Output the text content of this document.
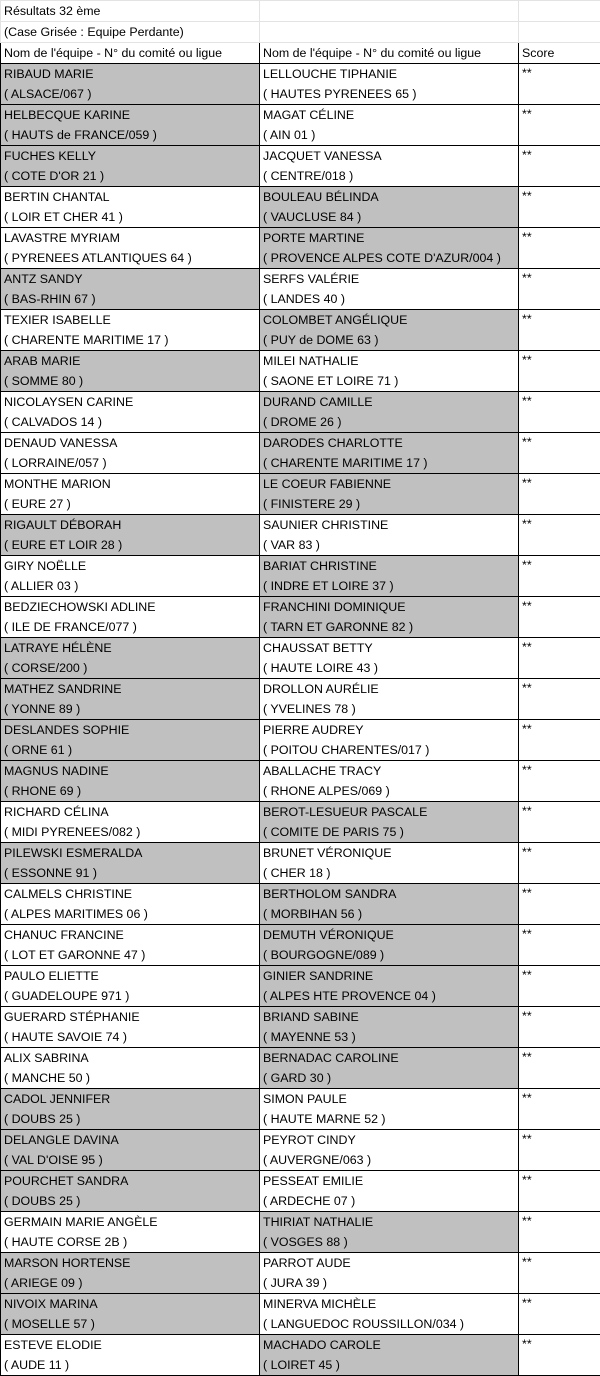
Résultats 32 ème		
(Case Grisée : Equipe Perdante)		
Nom de l'équipe - N° du comité ou ligue	Nom de l'équipe - N° du comité ou ligue	Score
RIBAUD MARIE	LELLOUCHE TIPHANIE	**
( ALSACE/067 )	( HAUTES PYRENEES 65 )	
HELBECQUE KARINE	MAGAT CÉLINE	**
( HAUTS de FRANCE/059 )	( AIN 01 )	
FUCHES KELLY	JACQUET VANESSA	**
( COTE D'OR 21 )	( CENTRE/018 )	
BERTIN CHANTAL	BOULEAU BÉLINDA	**
( LOIR ET CHER 41 )	( VAUCLUSE 84 )	
LAVASTRE MYRIAM	PORTE MARTINE	**
( PYRENEES ATLANTIQUES 64 )	( PROVENCE ALPES COTE D'AZUR/004 )	
ANTZ SANDY	SERFS VALÉRIE	**
( BAS-RHIN 67 )	( LANDES 40 )	
TEXIER ISABELLE	COLOMBET ANGÉLIQUE	**
( CHARENTE MARITIME 17 )	( PUY de DOME 63 )	
ARAB MARIE	MILEI NATHALIE	**
( SOMME 80 )	( SAONE ET LOIRE 71 )	
NICOLAYSEN CARINE	DURAND CAMILLE	**
( CALVADOS 14 )	( DROME 26 )	
DENAUD VANESSA	DARODES CHARLOTTE	**
( LORRAINE/057 )	( CHARENTE MARITIME 17 )	
MONTHE MARION	LE COEUR FABIENNE	**
( EURE 27 )	( FINISTERE 29 )	
RIGAULT DÉBORAH	SAUNIER CHRISTINE	**
( EURE ET LOIR 28 )	( VAR 83 )	
GIRY NOËLLE	BARIAT CHRISTINE	**
( ALLIER 03 )	( INDRE ET LOIRE 37 )	
BEDZIECHOWSKI ADLINE	FRANCHINI DOMINIQUE	**
( ILE DE FRANCE/077 )	( TARN ET GARONNE 82 )	
LATRAYE HÉLÈNE	CHAUSSAT BETTY	**
( CORSE/200 )	( HAUTE LOIRE 43 )	
MATHEZ SANDRINE	DROLLON AURÉLIE	**
( YONNE 89 )	( YVELINES 78 )	
DESLANDES SOPHIE	PIERRE AUDREY	**
( ORNE 61 )	( POITOU CHARENTES/017 )	
MAGNUS NADINE	ABALLACHE TRACY	**
( RHONE 69 )	( RHONE ALPES/069 )	
RICHARD CÉLINA	BEROT-LESUEUR PASCALE	**
( MIDI PYRENEES/082 )	( COMITE DE PARIS 75 )	
PILEWSKI ESMERALDA	BRUNET VÉRONIQUE	**
( ESSONNE 91 )	( CHER 18 )	
CALMELS CHRISTINE	BERTHOLOM SANDRA	**
( ALPES MARITIMES 06 )	( MORBIHAN 56 )	
CHANUC FRANCINE	DEMUTH VÉRONIQUE	**
( LOT ET GARONNE 47 )	( BOURGOGNE/089 )	
PAULO ELIETTE	GINIER SANDRINE	**
( GUADELOUPE 971 )	( ALPES HTE PROVENCE 04 )	
GUERARD STÉPHANIE	BRIAND SABINE	**
( HAUTE SAVOIE 74 )	( MAYENNE 53 )	
ALIX SABRINA	BERNADAC CAROLINE	**
( MANCHE 50 )	( GARD 30 )	
CADOL JENNIFER	SIMON PAULE	**
( DOUBS 25 )	( HAUTE MARNE 52 )	
DELANGLE DAVINA	PEYROT CINDY	**
( VAL D'OISE 95 )	( AUVERGNE/063 )	
POURCHET SANDRA	PESSEAT EMILIE	**
( DOUBS 25 )	( ARDECHE 07 )	
GERMAIN MARIE ANGÈLE	THIRIAT NATHALIE	**
( HAUTE CORSE 2B )	( VOSGES 88 )	
MARSON HORTENSE	PARROT AUDE	**
( ARIEGE 09 )	( JURA 39 )	
NIVOIX MARINA	MINERVA MICHÈLE	**
( MOSELLE 57 )	( LANGUEDOC ROUSSILLON/034 )	
ESTEVE ELODIE	MACHADO CAROLE	**
( AUDE 11 )	( LOIRET 45 )	
